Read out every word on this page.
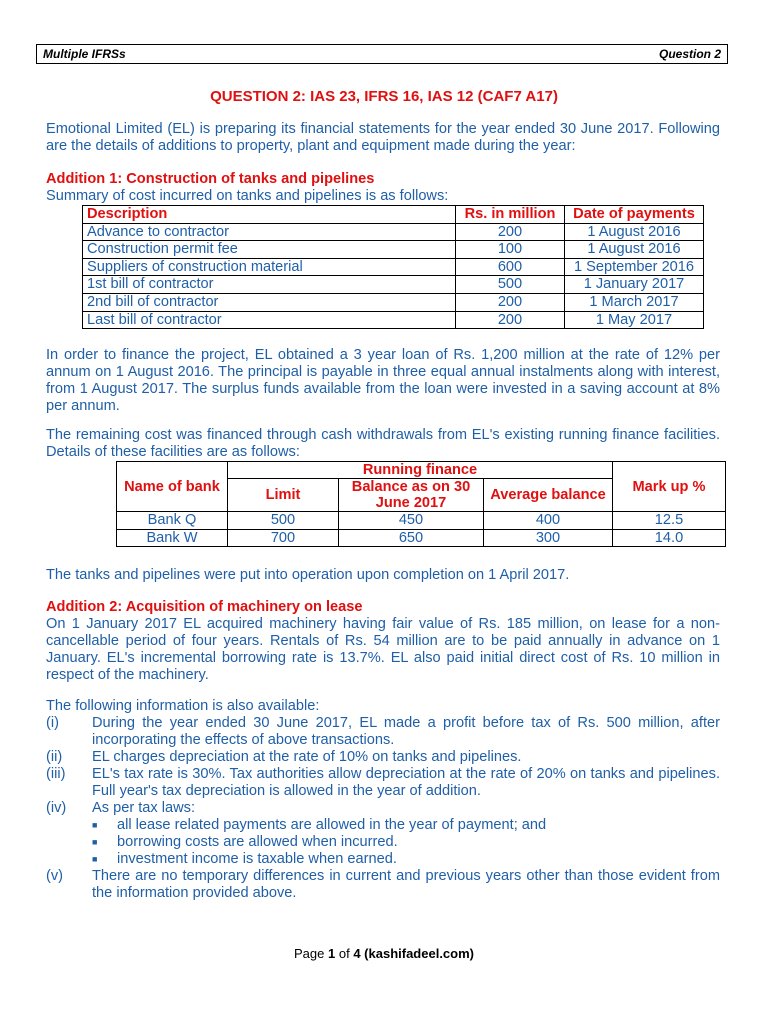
Multiple IFRSs	Question 2
QUESTION 2: IAS 23, IFRS 16, IAS 12 (CAF7 A17)
Emotional Limited (EL) is preparing its financial statements for the year ended 30 June 2017. Following are the details of additions to property, plant and equipment made during the year:
Addition 1: Construction of tanks and pipelines
Summary of cost incurred on tanks and pipelines is as follows:
Description	Rs. in million	Date of payments
Advance to contractor	200	1 August 2016
Construction permit fee	100	1 August 2016
Suppliers of construction material	600	1 September 2016
1st bill of contractor	500	1 January 2017
2nd bill of contractor	200	1 March 2017
Last bill of contractor	200	1 May 2017
In order to finance the project, EL obtained a 3 year loan of Rs. 1,200 million at the rate of 12% per annum on 1 August 2016. The principal is payable in three equal annual instalments along with interest, from 1 August 2017. The surplus funds available from the loan were invested in a saving account at 8% per annum.
The remaining cost was financed through cash withdrawals from EL's existing running finance facilities. Details of these facilities are as follows:
Name of bank	Running finance			Mark up %
	Limit	Balance as on 30 June 2017	Average balance	
Bank Q	500	450	400	12.5
Bank W	700	650	300	14.0
The tanks and pipelines were put into operation upon completion on 1 April 2017.
Addition 2: Acquisition of machinery on lease
On 1 January 2017 EL acquired machinery having fair value of Rs. 185 million, on lease for a non-cancellable period of four years. Rentals of Rs. 54 million are to be paid annually in advance on 1 January. EL's incremental borrowing rate is 13.7%. EL also paid initial direct cost of Rs. 10 million in respect of the machinery.
The following information is also available:
(i)	During the year ended 30 June 2017, EL made a profit before tax of Rs. 500 million, after incorporating the effects of above transactions.
(ii)	EL charges depreciation at the rate of 10% on tanks and pipelines.
(iii)	EL's tax rate is 30%. Tax authorities allow depreciation at the rate of 20% on tanks and pipelines. Full year's tax depreciation is allowed in the year of addition.
(iv)	As per tax laws:
■	all lease related payments are allowed in the year of payment; and
■	borrowing costs are allowed when incurred.
■	investment income is taxable when earned.
(v)	There are no temporary differences in current and previous years other than those evident from the information provided above.
Page 1 of 4 (kashifadeel.com)
